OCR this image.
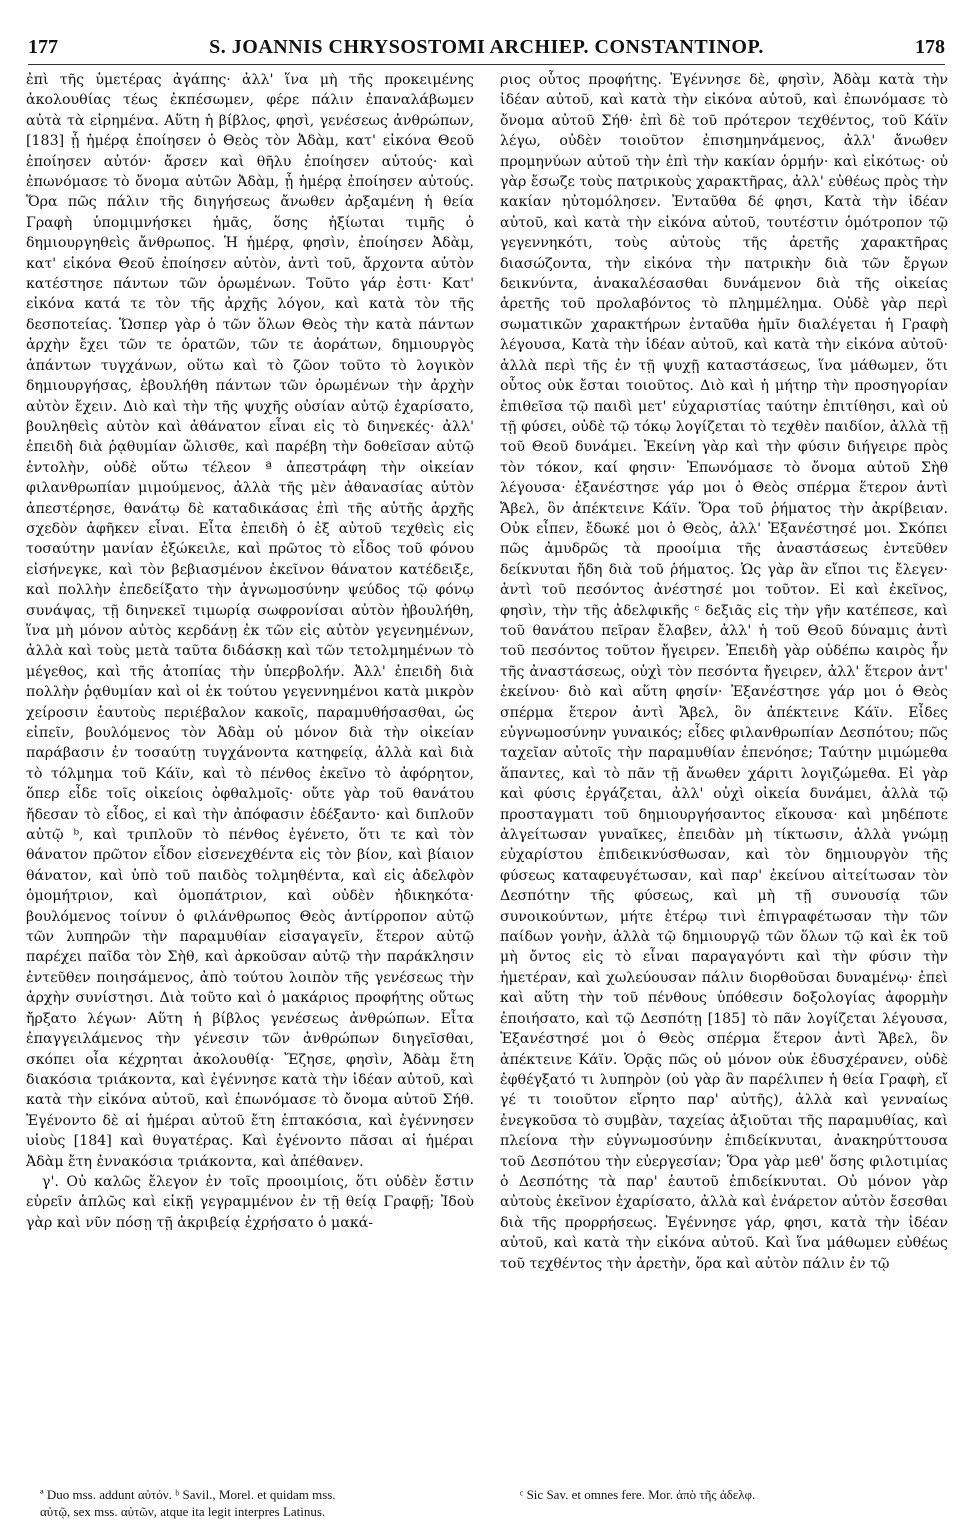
177	S. JOANNIS CHRYSOSTOMI ARCHIEP. CONSTANTINOP.	178

ἐπὶ τῆς ὑμετέρας ἀγάπης· ἀλλ' ἵνα μὴ τῆς προκειμένης ἀκολουθίας τέως ἐκπέσωμεν, φέρε πάλιν ἐπαναλάβωμεν αὐτὰ τὰ εἰρημένα. Αὕτη ἡ βίβλος, φησὶ, γενέσεως ἀνθρώπων, [183] ᾗ ἡμέρᾳ ἐποίησεν ὁ Θεὸς τὸν Ἀδὰμ, κατ' εἰκόνα Θεοῦ ἐποίησεν αὐτόν· ἄρσεν καὶ θῆλυ ἐποίησεν αὐτούς· καὶ ἐπωνόμασε τὸ ὄνομα αὐτῶν Ἀδὰμ, ᾗ ἡμέρᾳ ἐποίησεν αὐτούς. Ὅρα πῶς πάλιν τῆς διηγήσεως ἄνωθεν ἀρξαμένη ἡ θεία Γραφὴ ὑπομιμνήσκει ἡμᾶς, ὅσης ἠξίωται τιμῆς ὁ δημιουργηθεὶς ἄνθρωπος. Ἡ ἡμέρᾳ, φησὶν, ἐποίησεν Ἀδὰμ, κατ' εἰκόνα Θεοῦ ἐποίησεν αὐτὸν, ἀντὶ τοῦ, ἄρχοντα αὐτὸν κατέστησε πάντων τῶν ὁρωμένων. Τοῦτο γάρ ἐστι· Κατ' εἰκόνα κατά τε τὸν τῆς ἀρχῆς λόγον, καὶ κατὰ τὸν τῆς δεσποτείας. Ὥσπερ γὰρ ὁ τῶν ὅλων Θεὸς τὴν κατὰ πάντων ἀρχὴν ἔχει τῶν τε ὁρατῶν, τῶν τε ἀοράτων, δημιουργὸς ἁπάντων τυγχάνων, οὕτω καὶ τὸ ζῶον τοῦτο τὸ λογικὸν δημιουργήσας, ἐβουλήθη πάντων τῶν ὁρωμένων τὴν ἀρχὴν αὐτὸν ἔχειν. Διὸ καὶ τὴν τῆς ψυχῆς οὐσίαν αὐτῷ ἐχαρίσατο, βουληθεὶς αὐτὸν καὶ ἀθάνατον εἶναι εἰς τὸ διηνεκές· ἀλλ' ἐπειδὴ διὰ ῥᾳθυμίαν ὤλισθε, καὶ παρέβη τὴν δοθεῖσαν αὐτῷ ἐντολὴν, οὐδὲ οὕτω τέλεον ª ἀπεστράφη τὴν οἰκείαν φιλανθρωπίαν μιμούμενος, ἀλλὰ τῆς μὲν ἀθανασίας αὐτὸν ἀπεστέρησε, θανάτῳ δὲ καταδικάσας ἐπὶ τῆς αὐτῆς ἀρχῆς σχεδὸν ἀφῆκεν εἶναι. Εἶτα ἐπειδὴ ὁ ἐξ αὐτοῦ τεχθεὶς εἰς τοσαύτην μανίαν ἐξώκειλε, καὶ πρῶτος τὸ εἶδος τοῦ φόνου εἰσήνεγκε, καὶ τὸν βεβιασμένον ἐκεῖνον θάνατον κατέδειξε, καὶ πολλὴν ἐπεδείξατο τὴν ἀγνωμοσύνην ψεύδος τῷ φόνῳ συνάψας, τῇ διηνεκεῖ τιμωρίᾳ σωφρονίσαι αὐτὸν ἠβουλήθη, ἵνα μὴ μόνον αὐτὸς κερδάνῃ ἐκ τῶν εἰς αὐτὸν γεγενημένων, ἀλλὰ καὶ τοὺς μετὰ ταῦτα διδάσκῃ καὶ τῶν τετολμημένων τὸ μέγεθος, καὶ τῆς ἀτοπίας τὴν ὑπερβολήν. Ἀλλ' ἐπειδὴ διὰ πολλὴν ῥᾳθυμίαν καὶ οἱ ἐκ τούτου γεγεννημένοι κατὰ μικρὸν χείροσιν ἑαυτοὺς περιέβαλον κακοῖς, παραμυθήσασθαι, ὡς εἰπεῖν, βουλόμενος τὸν Ἀδὰμ οὐ μόνον διὰ τὴν οἰκείαν παράβασιν ἐν τοσαύτῃ τυγχάνοντα κατηφείᾳ, ἀλλὰ καὶ διὰ τὸ τόλμημα τοῦ Κάϊν, καὶ τὸ πένθος ἐκεῖνο τὸ ἀφόρητον, ὅπερ εἶδε τοῖς οἰκείοις ὀφθαλμοῖς· οὔτε γὰρ τοῦ θανάτου ἤδεσαν τὸ εἶδος, εἰ καὶ τὴν ἀπόφασιν ἐδέξαντο· καὶ διπλοῦν αὐτῷ ᵇ, καὶ τριπλοῦν τὸ πένθος ἐγένετο, ὅτι τε καὶ τὸν θάνατον πρῶτον εἶδον εἰσενεχθέντα εἰς τὸν βίον, καὶ βίαιον θάνατον, καὶ ὑπὸ τοῦ παιδὸς τολμηθέντα, καὶ εἰς ἀδελφὸν ὁμομήτριον, καὶ ὁμοπάτριον, καὶ οὐδὲν ἠδικηκότα· βουλόμενος τοίνυν ὁ φιλάνθρωπος Θεὸς ἀντίρροπον αὐτῷ τῶν λυπηρῶν τὴν παραμυθίαν εἰσαγαγεῖν, ἕτερον αὐτῷ παρέχει παῖδα τὸν Σὴθ, καὶ ἀρκοῦσαν αὐτῷ τὴν παράκλησιν ἐντεῦθεν ποιησάμενος, ἀπὸ τούτου λοιπὸν τῆς γενέσεως τὴν ἀρχὴν συνίστησι. Διὰ τοῦτο καὶ ὁ μακάριος προφήτης οὕτως ἤρξατο λέγων· Αὕτη ἡ βίβλος γενέσεως ἀνθρώπων. Εἶτα ἐπαγγειλάμενος τὴν γένεσιν τῶν ἀνθρώπων διηγεῖσθαι, σκόπει οἷα κέχρηται ἀκολουθίᾳ· Ἔζησε, φησὶν, Ἀδὰμ ἔτη διακόσια τριάκοντα, καὶ ἐγέννησε κατὰ τὴν ἰδέαν αὐτοῦ, καὶ κατὰ τὴν εἰκόνα αὐτοῦ, καὶ ἐπωνόμασε τὸ ὄνομα αὐτοῦ Σήθ. Ἐγένοντο δὲ αἱ ἡμέραι αὐτοῦ ἔτη ἑπτακόσια, καὶ ἐγέννησεν υἱοὺς [184] καὶ θυγατέρας. Καὶ ἐγένοντο πᾶσαι αἱ ἡμέραι Ἀδὰμ ἔτη ἐννακόσια τριάκοντα, καὶ ἀπέθανεν.

γ'. Οὐ καλῶς ἔλεγον ἐν τοῖς προοιμίοις, ὅτι οὐδὲν ἔστιν εὑρεῖν ἁπλῶς καὶ εἰκῇ γεγραμμένον ἐν τῇ θείᾳ Γραφῇ; Ἰδοὺ γὰρ καὶ νῦν πόσῃ τῇ ἀκριβείᾳ ἐχρήσατο ὁ μακά-

ριος οὗτος προφήτης. Ἐγέννησε δὲ, φησὶν, Ἀδὰμ κατὰ τὴν ἰδέαν αὐτοῦ, καὶ κατὰ τὴν εἰκόνα αὐτοῦ, καὶ ἐπωνόμασε τὸ ὄνομα αὐτοῦ Σήθ· ἐπὶ δὲ τοῦ πρότερον τεχθέντος, τοῦ Κάϊν λέγω, οὐδὲν τοιοῦτον ἐπισημηνάμενος, ἀλλ' ἄνωθεν προμηνύων αὐτοῦ τὴν ἐπὶ τὴν κακίαν ὁρμήν· καὶ εἰκότως· οὐ γὰρ ἔσωζε τοὺς πατρικοὺς χαρακτῆρας, ἀλλ' εὐθέως πρὸς τὴν κακίαν ηὐτομόλησεν. Ἐνταῦθα δέ φησι, Κατὰ τὴν ἰδέαν αὐτοῦ, καὶ κατὰ τὴν εἰκόνα αὐτοῦ, τουτέστιν ὁμότροπον τῷ γεγεννηκότι, τοὺς αὐτοὺς τῆς ἀρετῆς χαρακτῆρας διασώζοντα, τὴν εἰκόνα τὴν πατρικὴν διὰ τῶν ἔργων δεικνύντα, ἀνακαλέσασθαι δυνάμενον διὰ τῆς οἰκείας ἀρετῆς τοῦ προλαβόντος τὸ πλημμέλημα. Οὐδὲ γὰρ περὶ σωματικῶν χαρακτήρων ἐνταῦθα ἡμῖν διαλέγεται ἡ Γραφὴ λέγουσα, Κατὰ τὴν ἰδέαν αὐτοῦ, καὶ κατὰ τὴν εἰκόνα αὐτοῦ· ἀλλὰ περὶ τῆς ἐν τῇ ψυχῇ καταστάσεως, ἵνα μάθωμεν, ὅτι οὗτος οὐκ ἔσται τοιοῦτος. Διὸ καὶ ἡ μήτηρ τὴν προσηγορίαν ἐπιθεῖσα τῷ παιδὶ μετ' εὐχαριστίας ταύτην ἐπιτίθησι, καὶ οὐ τῇ φύσει, οὐδὲ τῷ τόκῳ λογίζεται τὸ τεχθὲν παιδίον, ἀλλὰ τῇ τοῦ Θεοῦ δυνάμει. Ἐκείνη γὰρ καὶ τὴν φύσιν διήγειρε πρὸς τὸν τόκον, καί φησιν· Ἐπωνόμασε τὸ ὄνομα αὐτοῦ Σὴθ λέγουσα· ἐξανέστησε γάρ μοι ὁ Θεὸς σπέρμα ἕτερον ἀντὶ Ἄβελ, ὃν ἀπέκτεινε Κάϊν. Ὅρα τοῦ ῥήματος τὴν ἀκρίβειαν. Οὐκ εἶπεν, ἔδωκέ μοι ὁ Θεὸς, ἀλλ' Ἐξανέστησέ μοι. Σκόπει πῶς ἀμυδρῶς τὰ προοίμια τῆς ἀναστάσεως ἐντεῦθεν δείκνυται ἤδη διὰ τοῦ ῥήματος. Ὡς γὰρ ἂν εἴποι τις ἔλεγεν· ἀντὶ τοῦ πεσόντος ἀνέστησέ μοι τοῦτον. Εἰ καὶ ἐκεῖνος, φησὶν, τὴν τῆς ἀδελφικῆς ᶜ δεξιᾶς εἰς τὴν γῆν κατέπεσε, καὶ τοῦ θανάτου πεῖραν ἔλαβεν, ἀλλ' ἡ τοῦ Θεοῦ δύναμις ἀντὶ τοῦ πεσόντος τοῦτον ἤγειρεν. Ἐπειδὴ γὰρ οὐδέπω καιρὸς ἦν τῆς ἀναστάσεως, οὐχὶ τὸν πεσόντα ἤγειρεν, ἀλλ' ἕτερον ἀντ' ἐκείνου· διὸ καὶ αὕτη φησίν· Ἐξανέστησε γάρ μοι ὁ Θεὸς σπέρμα ἕτερον ἀντὶ Ἄβελ, ὃν ἀπέκτεινε Κάϊν. Εἶδες εὐγνωμοσύνην γυναικός; εἶδες φιλανθρωπίαν Δεσπότου; πῶς ταχεῖαν αὐτοῖς τὴν παραμυθίαν ἐπενόησε; Ταύτην μιμώμεθα ἅπαντες, καὶ τὸ πᾶν τῇ ἄνωθεν χάριτι λογιζώμεθα. Εἰ γὰρ καὶ φύσις ἐργάζεται, ἀλλ' οὐχὶ οἰκεία δυνάμει, ἀλλὰ τῷ προσταγματι τοῦ δημιουργήσαντος εἴκουσα· καὶ μηδέποτε ἀλγείτωσαν γυναῖκες, ἐπειδὰν μὴ τίκτωσιν, ἀλλὰ γνώμῃ εὐχαρίστου ἐπιδεικνύσθωσαν, καὶ τὸν δημιουργὸν τῆς φύσεως καταφευγέτωσαν, καὶ παρ' ἐκείνου αἰτείτωσαν τὸν Δεσπότην τῆς φύσεως, καὶ μὴ τῇ συνουσίᾳ τῶν συνοικούντων, μήτε ἑτέρῳ τινὶ ἐπιγραφέτωσαν τὴν τῶν παίδων γονὴν, ἀλλὰ τῷ δημιουργῷ τῶν ὅλων τῷ καὶ ἐκ τοῦ μὴ ὄντος εἰς τὸ εἶναι παραγαγόντι καὶ τὴν φύσιν τὴν ἡμετέραν, καὶ χωλεύουσαν πάλιν διορθοῦσαι δυναμένῳ· ἐπεὶ καὶ αὕτη τὴν τοῦ πένθους ὑπόθεσιν δοξολογίας ἀφορμὴν ἐποιήσατο, καὶ τῷ Δεσπότῃ [185] τὸ πᾶν λογίζεται λέγουσα, Ἐξανέστησέ μοι ὁ Θεὸς σπέρμα ἕτερον ἀντὶ Ἄβελ, ὃν ἀπέκτεινε Κάϊν. Ὁρᾷς πῶς οὐ μόνον οὐκ ἐδυσχέρανεν, οὐδὲ ἐφθέγξατό τι λυπηρὸν (οὐ γὰρ ἂν παρέλιπεν ἡ θεία Γραφὴ, εἴ γέ τι τοιοῦτον εἴρητο παρ' αὐτῆς), ἀλλὰ καὶ γενναίως ἐνεγκοῦσα τὸ συμβὰν, ταχείας ἀξιοῦται τῆς παραμυθίας, καὶ πλείονα τὴν εὐγνωμοσύνην ἐπιδείκνυται, ἀνακηρύττουσα τοῦ Δεσπότου τὴν εὐεργεσίαν; Ὅρα γὰρ μεθ' ὅσης φιλοτιμίας ὁ Δεσπότης τὰ παρ' ἑαυτοῦ ἐπιδείκνυται. Οὐ μόνον γὰρ αὐτοὺς ἐκεῖνον ἐχαρίσατο, ἀλλὰ καὶ ἐνάρετον αὐτὸν ἔσεσθαι διὰ τῆς προρρήσεως. Ἐγέννησε γάρ, φησι, κατὰ τὴν ἰδέαν αὐτοῦ, καὶ κατὰ τὴν εἰκόνα αὐτοῦ. Καὶ ἵνα μάθωμεν εὐθέως τοῦ τεχθέντος τὴν ἀρετὴν, ὅρα καὶ αὐτὸν πάλιν ἐν τῷ

ª Duo mss. addunt αὐτόν. ᵇ Savil., Morel. et quidam mss.

αὐτῷ, sex mss. αὐτῶν, atque ita legit interpres Latinus.

ᶜ Sic Sav. et omnes fere. Mor. ἀπὸ τῆς ἀδελφ.
